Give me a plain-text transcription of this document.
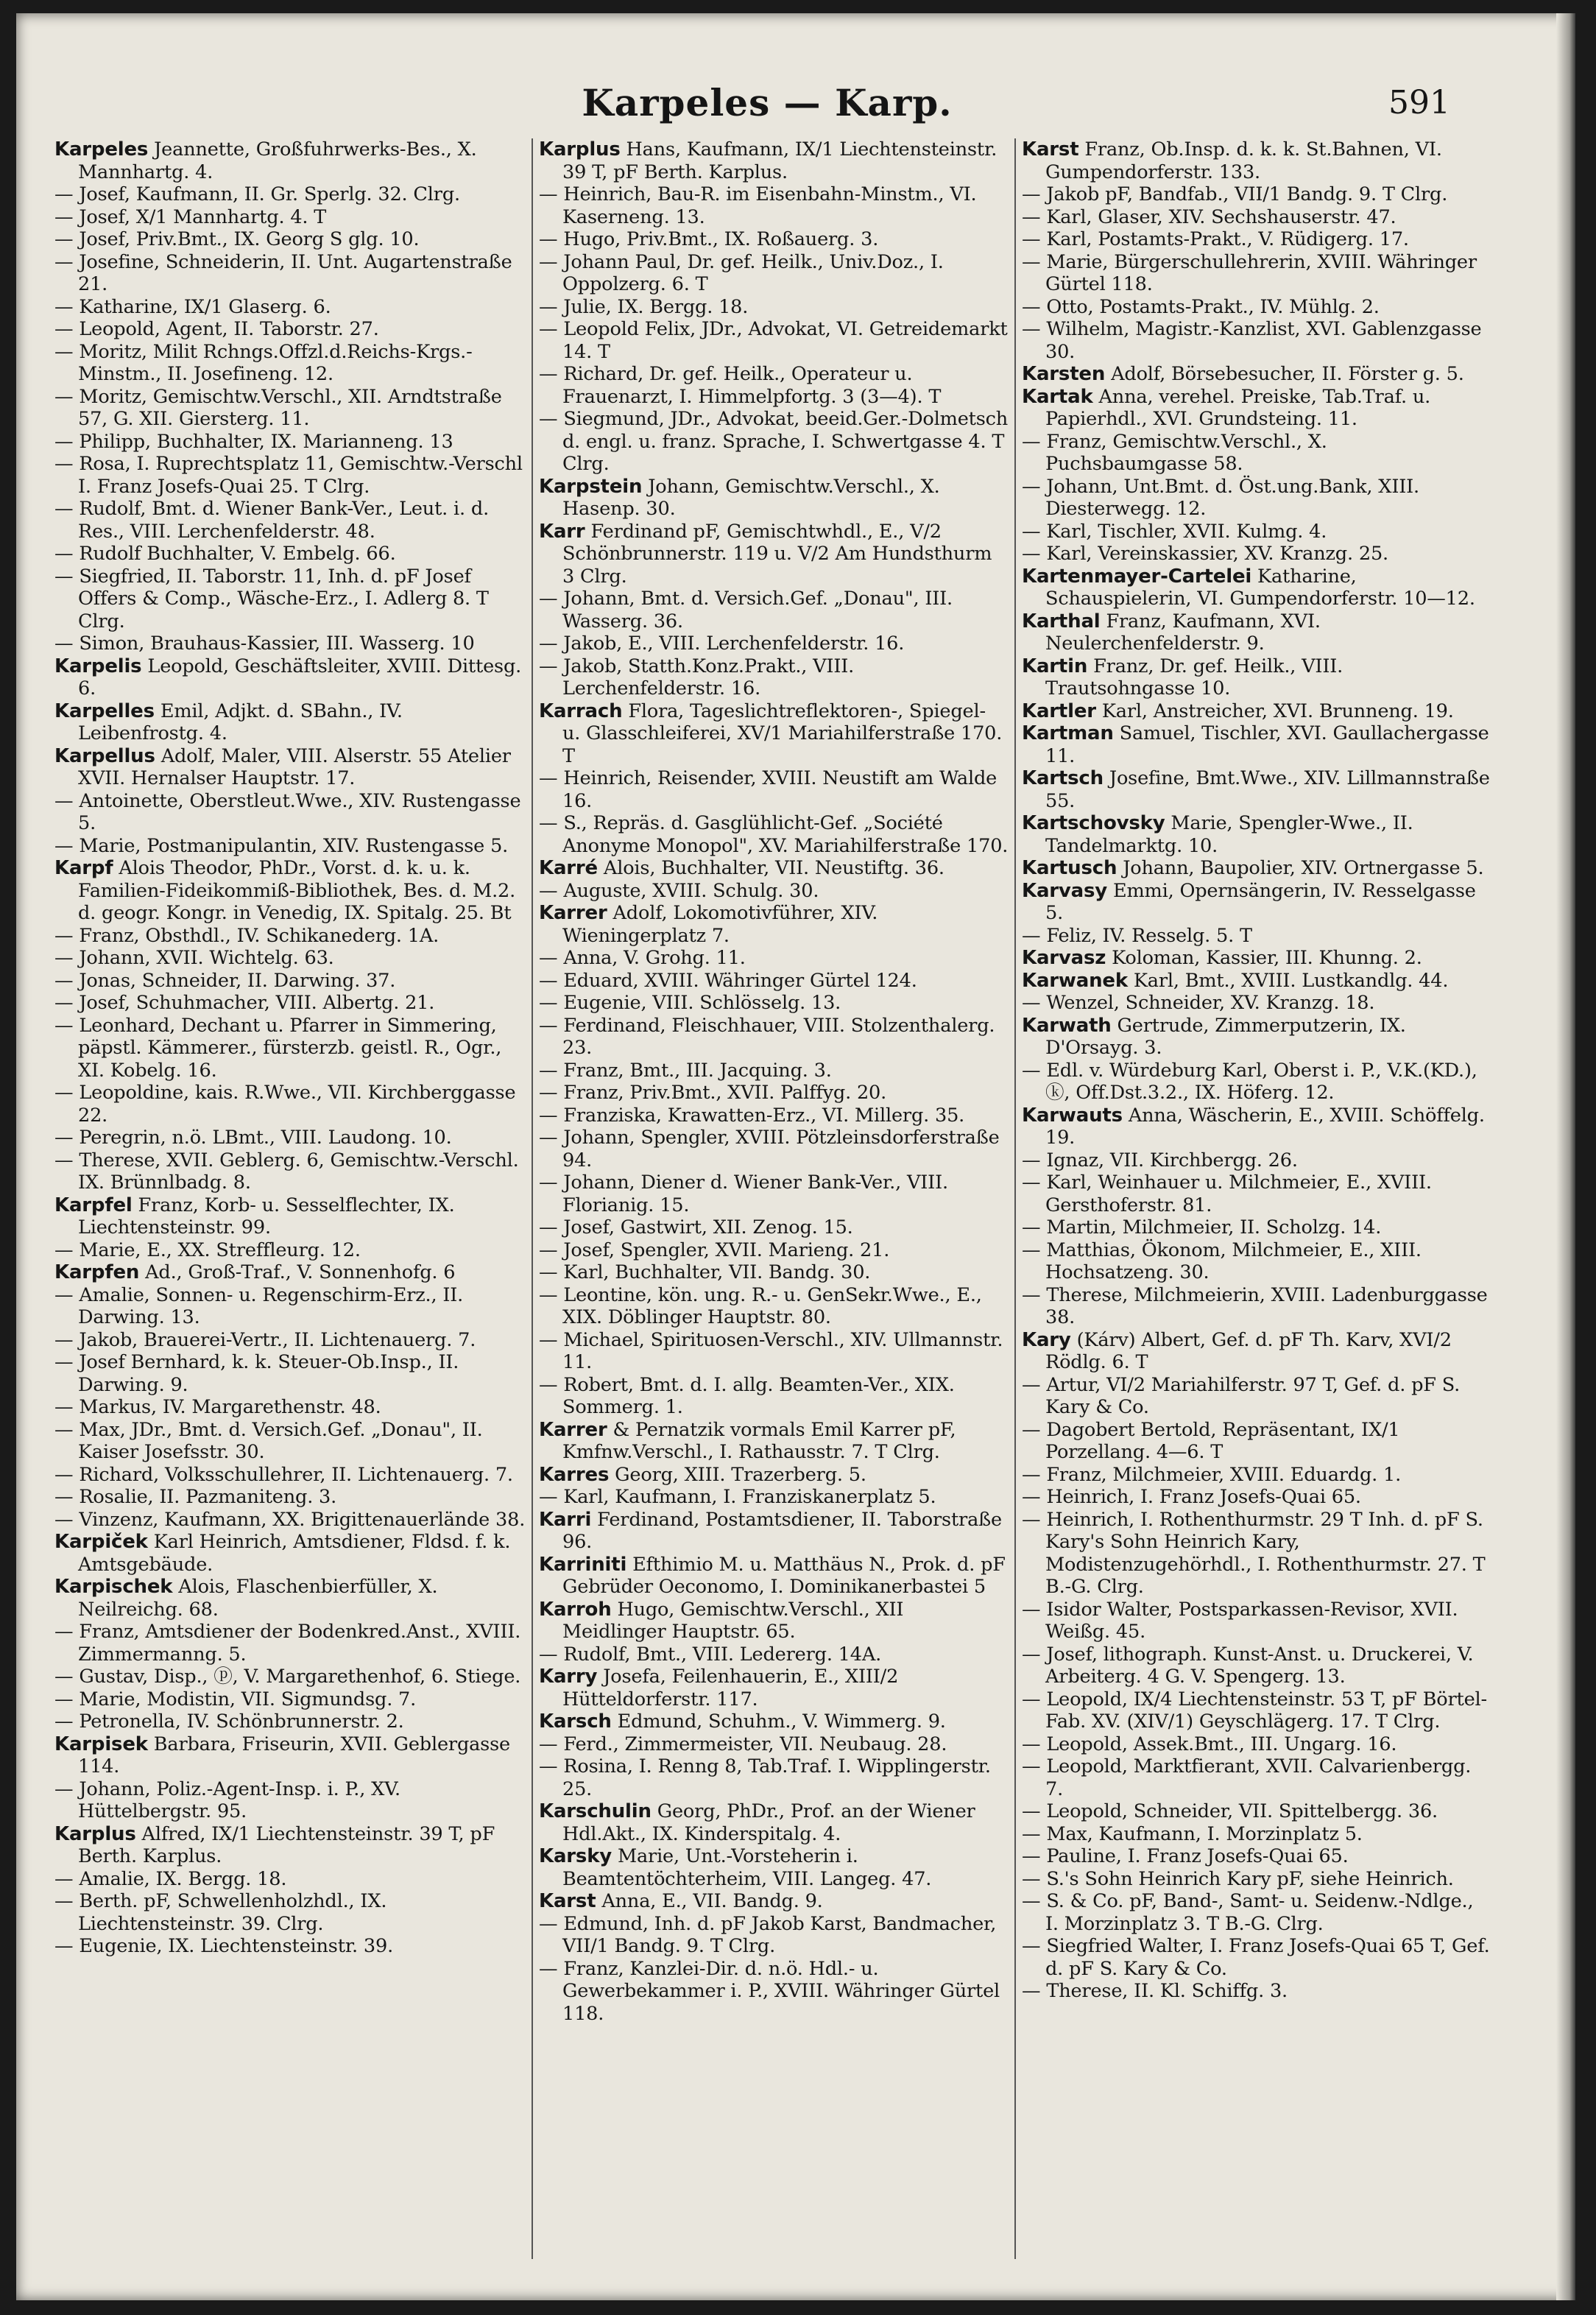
Karpeles — Karp.	591

Karpeles Jeannette, Großfuhrwerks-Bes., X. Mannhartg. 4.

— Josef, Kaufmann, II. Gr. Sperlg. 32. Clrg.

— Josef, X/1 Mannhartg. 4. T

— Josef, Priv.Bmt., IX. Georg S glg. 10.

— Josefine, Schneiderin, II. Unt. Augartenstraße 21.

— Katharine, IX/1 Glaserg. 6.

— Leopold, Agent, II. Taborstr. 27.

— Moritz, Milit Rchngs.Offzl.d.Reichs-Krgs.-Minstm., II. Josefineng. 12.

— Moritz, Gemischtw.Verschl., XII. Arndtstraße 57, G. XII. Giersterg. 11.

— Philipp, Buchhalter, IX. Marianneng. 13

— Rosa, I. Ruprechtsplatz 11, Gemischtw.-Verschl I. Franz Josefs-Quai 25. T Clrg.

— Rudolf, Bmt. d. Wiener Bank-Ver., Leut. i. d. Res., VIII. Lerchenfelderstr. 48.

— Rudolf Buchhalter, V. Embelg. 66.

— Siegfried, II. Taborstr. 11, Inh. d. pF Josef Offers & Comp., Wäsche-Erz., I. Adlerg 8. T Clrg.

— Simon, Brauhaus-Kassier, III. Wasserg. 10

Karpelis Leopold, Geschäftsleiter, XVIII. Dittesg. 6.

Karpelles Emil, Adjkt. d. SBahn., IV. Leibenfrostg. 4.

Karpellus Adolf, Maler, VIII. Alserstr. 55 Atelier XVII. Hernalser Hauptstr. 17.

— Antoinette, Oberstleut.Wwe., XIV. Rustengasse 5.

— Marie, Postmanipulantin, XIV. Rustengasse 5.

Karpf Alois Theodor, PhDr., Vorst. d. k. u. k. Familien-Fideikommiß-Bibliothek, Bes. d. M.2. d. geogr. Kongr. in Venedig, IX. Spitalg. 25. Bt

— Franz, Obsthdl., IV. Schikanederg. 1A.

— Johann, XVII. Wichtelg. 63.

— Jonas, Schneider, II. Darwing. 37.

— Josef, Schuhmacher, VIII. Albertg. 21.

— Leonhard, Dechant u. Pfarrer in Simmering, päpstl. Kämmerer., fürsterzb. geistl. R., Ogr., XI. Kobelg. 16.

— Leopoldine, kais. R.Wwe., VII. Kirchberggasse 22.

— Peregrin, n.ö. LBmt., VIII. Laudong. 10.

— Therese, XVII. Geblerg. 6, Gemischtw.-Verschl. IX. Brünnlbadg. 8.

Karpfel Franz, Korb- u. Sesselflechter, IX. Liechtensteinstr. 99.

— Marie, E., XX. Streffleurg. 12.

Karpfen Ad., Groß-Traf., V. Sonnenhofg. 6

— Amalie, Sonnen- u. Regenschirm-Erz., II. Darwing. 13.

— Jakob, Brauerei-Vertr., II. Lichtenauerg. 7.

— Josef Bernhard, k. k. Steuer-Ob.Insp., II. Darwing. 9.

— Markus, IV. Margarethenstr. 48.

— Max, JDr., Bmt. d. Versich.Gef. „Donau", II. Kaiser Josefsstr. 30.

— Richard, Volksschullehrer, II. Lichtenauerg. 7.

— Rosalie, II. Pazmaniteng. 3.

— Vinzenz, Kaufmann, XX. Brigittenauerlände 38.

Karpiček Karl Heinrich, Amtsdiener, Fldsd. f. k. Amtsgebäude.

Karpischek Alois, Flaschenbierfüller, X. Neilreichg. 68.

— Franz, Amtsdiener der Bodenkred.Anst., XVIII. Zimmermanng. 5.

— Gustav, Disp., ⓟ, V. Margarethenhof, 6. Stiege.

— Marie, Modistin, VII. Sigmundsg. 7.

— Petronella, IV. Schönbrunnerstr. 2.

Karpisek Barbara, Friseurin, XVII. Geblergasse 114.

— Johann, Poliz.-Agent-Insp. i. P., XV. Hüttelbergstr. 95.

Karplus Alfred, IX/1 Liechtensteinstr. 39 T, pF Berth. Karplus.

— Amalie, IX. Bergg. 18.

— Berth. pF, Schwellenholzhdl., IX. Liechtensteinstr. 39. Clrg.

— Eugenie, IX. Liechtensteinstr. 39.

Karplus Hans, Kaufmann, IX/1 Liechtensteinstr. 39 T, pF Berth. Karplus.

— Heinrich, Bau-R. im Eisenbahn-Minstm., VI. Kaserneng. 13.

— Hugo, Priv.Bmt., IX. Roßauerg. 3.

— Johann Paul, Dr. gef. Heilk., Univ.Doz., I. Oppolzerg. 6. T

— Julie, IX. Bergg. 18.

— Leopold Felix, JDr., Advokat, VI. Getreidemarkt 14. T

— Richard, Dr. gef. Heilk., Operateur u. Frauenarzt, I. Himmelpfortg. 3 (3—4). T

— Siegmund, JDr., Advokat, beeid.Ger.-Dolmetsch d. engl. u. franz. Sprache, I. Schwertgasse 4. T Clrg.

Karpstein Johann, Gemischtw.Verschl., X. Hasenp. 30.

Karr Ferdinand pF, Gemischtwhdl., E., V/2 Schönbrunnerstr. 119 u. V/2 Am Hundsthurm 3 Clrg.

— Johann, Bmt. d. Versich.Gef. „Donau", III. Wasserg. 36.

— Jakob, E., VIII. Lerchenfelderstr. 16.

— Jakob, Statth.Konz.Prakt., VIII. Lerchenfelderstr. 16.

Karrach Flora, Tageslichtreflektoren-, Spiegel- u. Glasschleiferei, XV/1 Mariahilferstraße 170. T

— Heinrich, Reisender, XVIII. Neustift am Walde 16.

— S., Repräs. d. Gasglühlicht-Gef. „Société Anonyme Monopol", XV. Mariahilferstraße 170.

Karré Alois, Buchhalter, VII. Neustiftg. 36.

— Auguste, XVIII. Schulg. 30.

Karrer Adolf, Lokomotivführer, XIV. Wieningerplatz 7.

— Anna, V. Grohg. 11.

— Eduard, XVIII. Währinger Gürtel 124.

— Eugenie, VIII. Schlösselg. 13.

— Ferdinand, Fleischhauer, VIII. Stolzenthalerg. 23.

— Franz, Bmt., III. Jacquing. 3.

— Franz, Priv.Bmt., XVII. Palffyg. 20.

— Franziska, Krawatten-Erz., VI. Millerg. 35.

— Johann, Spengler, XVIII. Pötzleinsdorferstraße 94.

— Johann, Diener d. Wiener Bank-Ver., VIII. Florianig. 15.

— Josef, Gastwirt, XII. Zenog. 15.

— Josef, Spengler, XVII. Marieng. 21.

— Karl, Buchhalter, VII. Bandg. 30.

— Leontine, kön. ung. R.- u. GenSekr.Wwe., E., XIX. Döblinger Hauptstr. 80.

— Michael, Spirituosen-Verschl., XIV. Ullmannstr. 11.

— Robert, Bmt. d. I. allg. Beamten-Ver., XIX. Sommerg. 1.

Karrer & Pernatzik vormals Emil Karrer pF, Kmfnw.Verschl., I. Rathausstr. 7. T Clrg.

Karres Georg, XIII. Trazerberg. 5.

— Karl, Kaufmann, I. Franziskanerplatz 5.

Karri Ferdinand, Postamtsdiener, II. Taborstraße 96.

Karriniti Efthimio M. u. Matthäus N., Prok. d. pF Gebrüder Oeconomo, I. Dominikanerbastei 5

Karroh Hugo, Gemischtw.Verschl., XII Meidlinger Hauptstr. 65.

— Rudolf, Bmt., VIII. Ledererg. 14A.

Karry Josefa, Feilenhauerin, E., XIII/2 Hütteldorferstr. 117.

Karsch Edmund, Schuhm., V. Wimmerg. 9.

— Ferd., Zimmermeister, VII. Neubaug. 28.

— Rosina, I. Renng 8, Tab.Traf. I. Wipplingerstr. 25.

Karschulin Georg, PhDr., Prof. an der Wiener Hdl.Akt., IX. Kinderspitalg. 4.

Karsky Marie, Unt.-Vorsteherin i. Beamtentöchterheim, VIII. Langeg. 47.

Karst Anna, E., VII. Bandg. 9.

— Edmund, Inh. d. pF Jakob Karst, Bandmacher, VII/1 Bandg. 9. T Clrg.

— Franz, Kanzlei-Dir. d. n.ö. Hdl.- u. Gewerbekammer i. P., XVIII. Währinger Gürtel 118.

Karst Franz, Ob.Insp. d. k. k. St.Bahnen, VI. Gumpendorferstr. 133.

— Jakob pF, Bandfab., VII/1 Bandg. 9. T Clrg.

— Karl, Glaser, XIV. Sechshauserstr. 47.

— Karl, Postamts-Prakt., V. Rüdigerg. 17.

— Marie, Bürgerschullehrerin, XVIII. Währinger Gürtel 118.

— Otto, Postamts-Prakt., IV. Mühlg. 2.

— Wilhelm, Magistr.-Kanzlist, XVI. Gablenzgasse 30.

Karsten Adolf, Börsebesucher, II. Förster g. 5.

Kartak Anna, verehel. Preiske, Tab.Traf. u. Papierhdl., XVI. Grundsteing. 11.

— Franz, Gemischtw.Verschl., X. Puchsbaumgasse 58.

— Johann, Unt.Bmt. d. Öst.ung.Bank, XIII. Diesterwegg. 12.

— Karl, Tischler, XVII. Kulmg. 4.

— Karl, Vereinskassier, XV. Kranzg. 25.

Kartenmayer-Cartelei Katharine, Schauspielerin, VI. Gumpendorferstr. 10—12.

Karthal Franz, Kaufmann, XVI. Neulerchenfelderstr. 9.

Kartin Franz, Dr. gef. Heilk., VIII. Trautsohngasse 10.

Kartler Karl, Anstreicher, XVI. Brunneng. 19.

Kartman Samuel, Tischler, XVI. Gaullachergasse 11.

Kartsch Josefine, Bmt.Wwe., XIV. Lillmannstraße 55.

Kartschovsky Marie, Spengler-Wwe., II. Tandelmarktg. 10.

Kartusch Johann, Baupolier, XIV. Ortnergasse 5.

Karvasy Emmi, Opernsängerin, IV. Resselgasse 5.

— Feliz, IV. Resselg. 5. T

Karvasz Koloman, Kassier, III. Khunng. 2.

Karwanek Karl, Bmt., XVIII. Lustkandlg. 44.

— Wenzel, Schneider, XV. Kranzg. 18.

Karwath Gertrude, Zimmerputzerin, IX. D'Orsayg. 3.

— Edl. v. Würdeburg Karl, Oberst i. P., V.K.(KD.), ⓚ, Off.Dst.3.2., IX. Höferg. 12.

Karwauts Anna, Wäscherin, E., XVIII. Schöffelg. 19.

— Ignaz, VII. Kirchbergg. 26.

— Karl, Weinhauer u. Milchmeier, E., XVIII. Gersthoferstr. 81.

— Martin, Milchmeier, II. Scholzg. 14.

— Matthias, Ökonom, Milchmeier, E., XIII. Hochsatzeng. 30.

— Therese, Milchmeierin, XVIII. Ladenburggasse 38.

Kary (Kárv) Albert, Gef. d. pF Th. Karv, XVI/2 Rödlg. 6. T

— Artur, VI/2 Mariahilferstr. 97 T, Gef. d. pF S. Kary & Co.

— Dagobert Bertold, Repräsentant, IX/1 Porzellang. 4—6. T

— Franz, Milchmeier, XVIII. Eduardg. 1.

— Heinrich, I. Franz Josefs-Quai 65.

— Heinrich, I. Rothenthurmstr. 29 T Inh. d. pF S. Kary's Sohn Heinrich Kary, Modistenzugehörhdl., I. Rothenthurmstr. 27. T B.-G. Clrg.

— Isidor Walter, Postsparkassen-Revisor, XVII. Weißg. 45.

— Josef, lithograph. Kunst-Anst. u. Druckerei, V. Arbeiterg. 4 G. V. Spengerg. 13.

— Leopold, IX/4 Liechtensteinstr. 53 T, pF Börtel-Fab. XV. (XIV/1) Geyschlägerg. 17. T Clrg.

— Leopold, Assek.Bmt., III. Ungarg. 16.

— Leopold, Marktfierant, XVII. Calvarienbergg. 7.

— Leopold, Schneider, VII. Spittelbergg. 36.

— Max, Kaufmann, I. Morzinplatz 5.

— Pauline, I. Franz Josefs-Quai 65.

— S.'s Sohn Heinrich Kary pF, siehe Heinrich.

— S. & Co. pF, Band-, Samt- u. Seidenw.-Ndlge., I. Morzinplatz 3. T B.-G. Clrg.

— Siegfried Walter, I. Franz Josefs-Quai 65 T, Gef. d. pF S. Kary & Co.

— Therese, II. Kl. Schiffg. 3.
